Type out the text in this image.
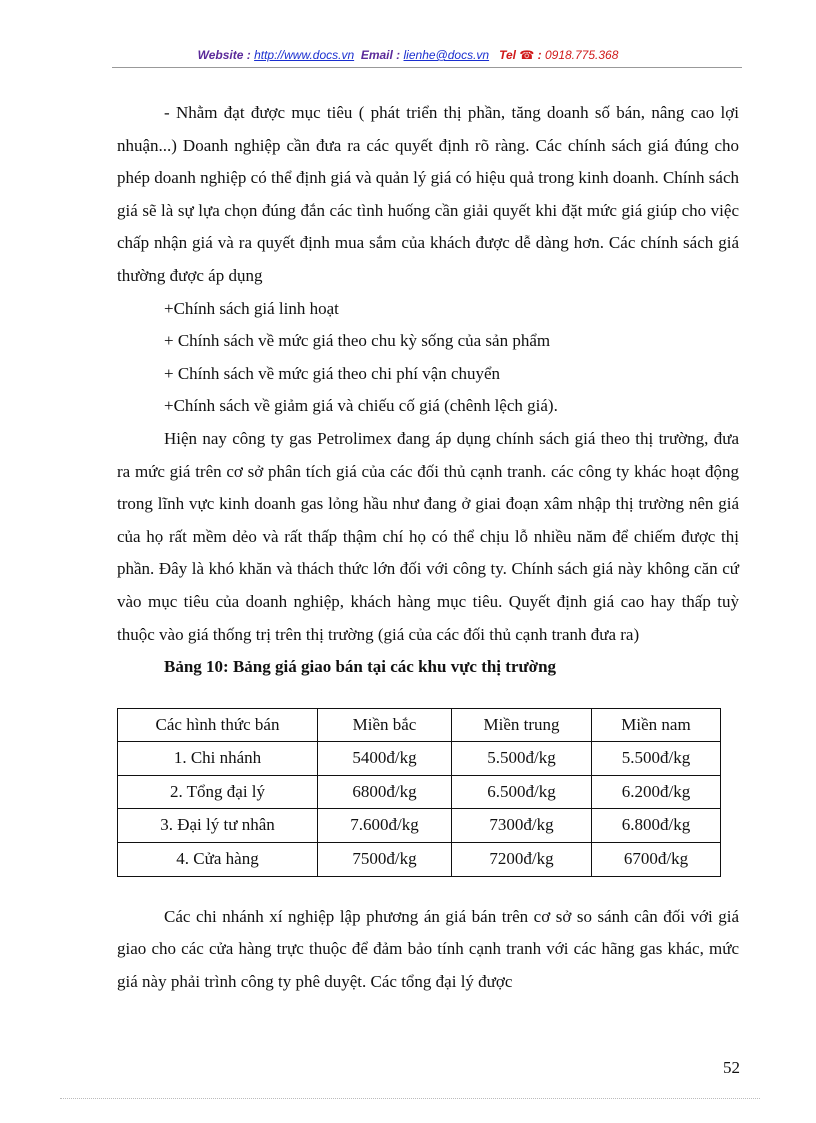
Website : http://www.docs.vn Email : lienhe@docs.vn Tel ☎ : 0918.775.368

- Nhằm đạt được mục tiêu ( phát triển thị phần, tăng doanh số bán, nâng cao lợi nhuận...) Doanh nghiệp cần đưa ra các quyết định rõ ràng. Các chính sách giá đúng cho phép doanh nghiệp có thể định giá và quản lý giá có hiệu quả trong kinh doanh. Chính sách giá sẽ là sự lựa chọn đúng đắn các tình huống cần giải quyết khi đặt mức giá giúp cho việc chấp nhận giá và ra quyết định mua sắm của khách được dễ dàng hơn. Các chính sách giá thường được áp dụng

+Chính sách giá linh hoạt

+ Chính sách về mức giá theo chu kỳ sống của sản phẩm

+ Chính sách về mức giá theo chi phí vận chuyển

+Chính sách về giảm giá và chiếu cố giá (chênh lệch giá).

Hiện nay công ty gas Petrolimex đang áp dụng chính sách giá theo thị trường, đưa ra mức giá trên cơ sở phân tích giá của các đối thủ cạnh tranh. các công ty khác hoạt động trong lĩnh vực kinh doanh gas lỏng hầu như đang ở giai đoạn xâm nhập thị trường nên giá của họ rất mềm dẻo và rất thấp thậm chí họ có thể chịu lỗ nhiều năm để chiếm được thị phần. Đây là khó khăn và thách thức lớn đối với công ty. Chính sách giá này không căn cứ vào mục tiêu của doanh nghiệp, khách hàng mục tiêu. Quyết định giá cao hay thấp tuỳ thuộc vào giá thống trị trên thị trường (giá của các đối thủ cạnh tranh đưa ra)

Bảng 10: Bảng giá giao bán tại các khu vực thị trường

Các hình thức bán	Miền bắc	Miền trung	Miền nam
1. Chi nhánh	5400đ/kg	5.500đ/kg	5.500đ/kg
2. Tổng đại lý	6800đ/kg	6.500đ/kg	6.200đ/kg
3. Đại lý tư nhân	7.600đ/kg	7300đ/kg	6.800đ/kg
4. Cửa hàng	7500đ/kg	7200đ/kg	6700đ/kg

Các chi nhánh xí nghiệp lập phương án giá bán trên cơ sở so sánh cân đối với giá giao cho các cửa hàng trực thuộc để đảm bảo tính cạnh tranh với các hãng gas khác, mức giá này phải trình công ty phê duyệt. Các tổng đại lý được

52
